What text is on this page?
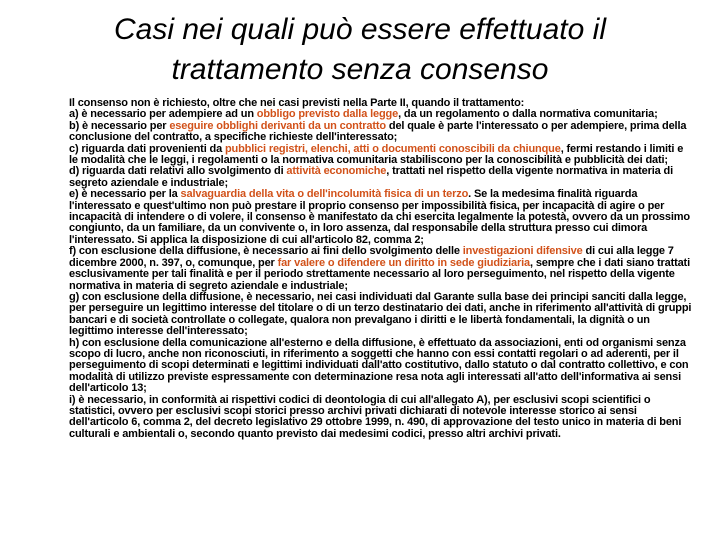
Casi nei quali può essere effettuato il trattamento senza consenso

Il consenso non è richiesto, oltre che nei casi previsti nella Parte II, quando il trattamento:

a) è necessario per adempiere ad un obbligo previsto dalla legge, da un regolamento o dalla normativa comunitaria;

b) è necessario per eseguire obblighi derivanti da un contratto del quale è parte l'interessato o per adempiere, prima della conclusione del contratto, a specifiche richieste dell'interessato;

c) riguarda dati provenienti da pubblici registri, elenchi, atti o documenti conoscibili da chiunque, fermi restando i limiti e le modalità che le leggi, i regolamenti o la normativa comunitaria stabiliscono per la conoscibilità e pubblicità dei dati;

d) riguarda dati relativi allo svolgimento di attività economiche, trattati nel rispetto della vigente normativa in materia di segreto aziendale e industriale;

e) è necessario per la salvaguardia della vita o dell'incolumità fisica di un terzo. Se la medesima finalità riguarda l'interessato e quest'ultimo non può prestare il proprio consenso per impossibilità fisica, per incapacità di agire o per incapacità di intendere o di volere, il consenso è manifestato da chi esercita legalmente la potestà, ovvero da un prossimo congiunto, da un familiare, da un convivente o, in loro assenza, dal responsabile della struttura presso cui dimora l'interessato. Si applica la disposizione di cui all'articolo 82, comma 2;

f) con esclusione della diffusione, è necessario ai fini dello svolgimento delle investigazioni difensive di cui alla legge 7 dicembre 2000, n. 397, o, comunque, per far valere o difendere un diritto in sede giudiziaria, sempre che i dati siano trattati esclusivamente per tali finalità e per il periodo strettamente necessario al loro perseguimento, nel rispetto della vigente normativa in materia di segreto aziendale e industriale;

g) con esclusione della diffusione, è necessario, nei casi individuati dal Garante sulla base dei principi sanciti dalla legge, per perseguire un legittimo interesse del titolare o di un terzo destinatario dei dati, anche in riferimento all'attività di gruppi bancari e di società controllate o collegate, qualora non prevalgano i diritti e le libertà fondamentali, la dignità o un legittimo interesse dell'interessato;

h) con esclusione della comunicazione all'esterno e della diffusione, è effettuato da associazioni, enti od organismi senza scopo di lucro, anche non riconosciuti, in riferimento a soggetti che hanno con essi contatti regolari o ad aderenti, per il perseguimento di scopi determinati e legittimi individuati dall'atto costitutivo, dallo statuto o dal contratto collettivo, e con modalità di utilizzo previste espressamente con determinazione resa nota agli interessati all'atto dell'informativa ai sensi dell'articolo 13;

i) è necessario, in conformità ai rispettivi codici di deontologia di cui all'allegato A), per esclusivi scopi scientifici o statistici, ovvero per esclusivi scopi storici presso archivi privati dichiarati di notevole interesse storico ai sensi dell'articolo 6, comma 2, del decreto legislativo 29 ottobre 1999, n. 490, di approvazione del testo unico in materia di beni culturali e ambientali o, secondo quanto previsto dai medesimi codici, presso altri archivi privati.
